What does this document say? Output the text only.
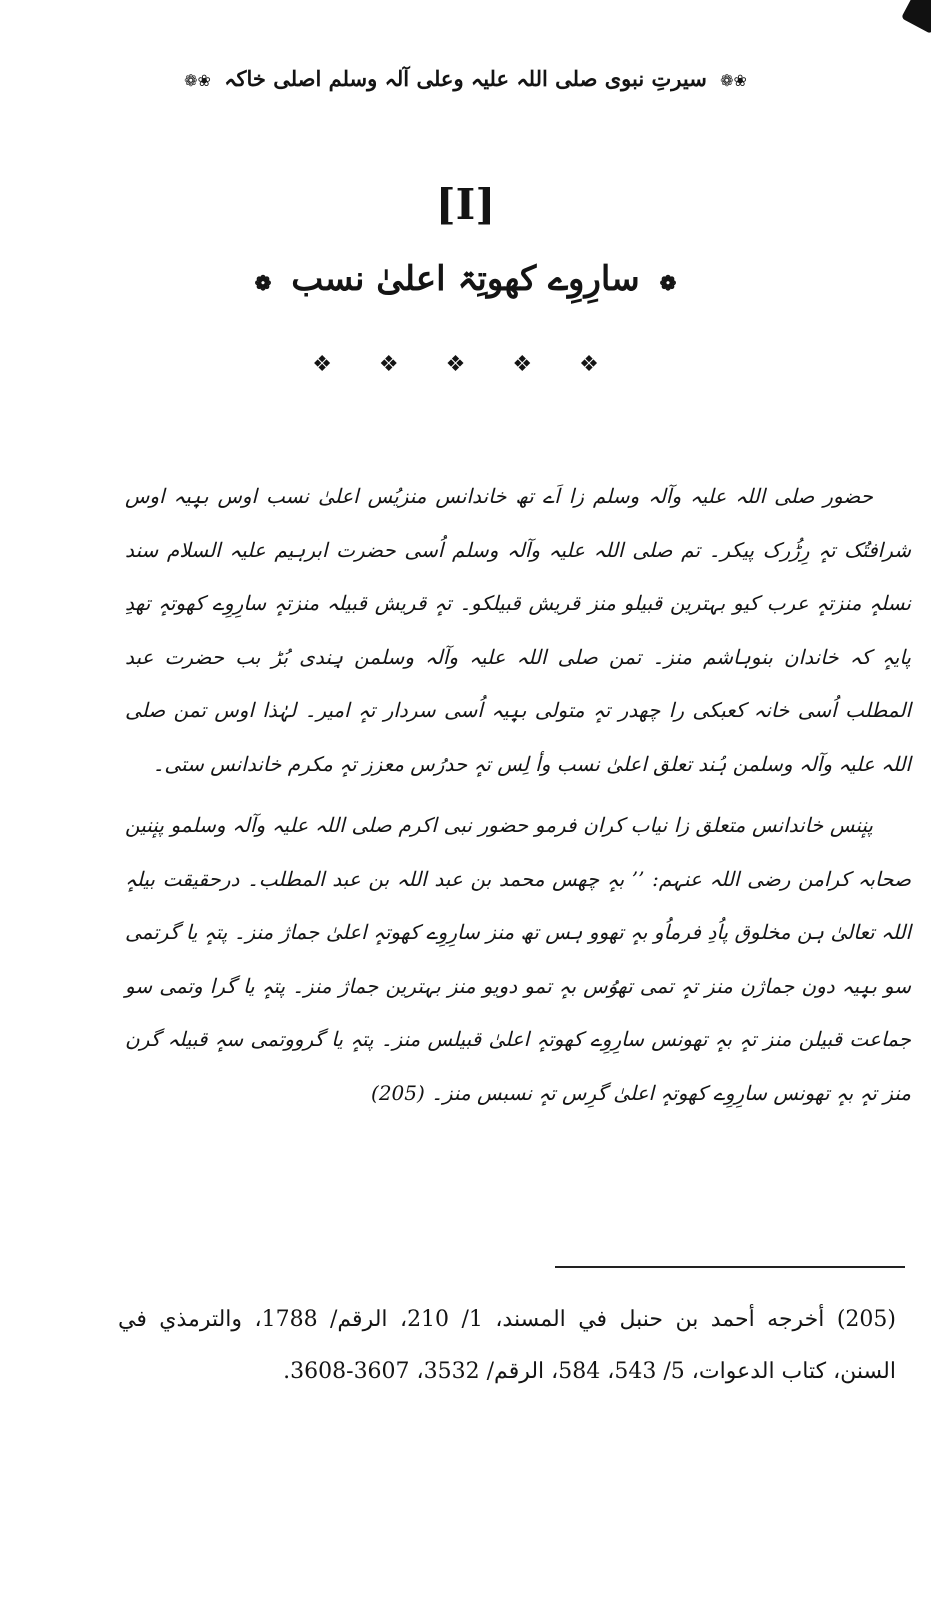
❀❁ سیرتِ نبوی صلی اللہ علیہ وعلی آلہ وسلم اصلی خاکہ ❀❁
[I]
❁ سارِوِے کھوتِۃ اعلیٰ نسب ❁
❖ ❖ ❖ ❖ ❖

حضور صلی اللہ علیہ وآلہ وسلم زا اَے تھ خاندانس منزیُس اعلیٰ نسب اوس بیٖیہ اوس شرافتُک تہٕ رِڑُرک پیکر۔ تم صلی اللہ علیہ وآلہ وسلم اُسی حضرت ابرہیم علیہ السلام سند نسلہٕ منزتہٕ عرب کیو بہترین قبیلو منز قریش قبیلکو۔ تہٕ قریش قبیلہ منزتہٕ سارِوِے کھوتہٕ تھدِ پایہٕ کہ خاندان بنوہاشم منز۔ تمن صلی اللہ علیہ وآلہ وسلمن ہِندی بُڑ بب حضرت عبد المطلب اُسی خانہ کعبکی را چھدر تہٕ متولی بیٖیہ اُسی سردار تہٕ امیر۔ لہٰذا اوس تمن صلی اللہ علیہ وآلہ وسلمن ہُند تعلق اعلیٰ نسب وأ لِس تہٕ حدرُس معزز تہٕ مکرم خاندانس ستی۔

پنٕنس خاندانس متعلق زا نیاب کران فرمو حضور نبی اکرم صلی اللہ علیہ وآلہ وسلمو پنٕنین صحابہ کرامن رضی اللہ عنہم: ’’ بہٕ چھس محمد بن عبد اللہ بن عبد المطلب۔ درحقیقت بیلہٕ اللہ تعالیٰ ہن مخلوق پاُدِ فرماُو بہٕ تھوو ہس تھ منز سارِوِے کھوتہٕ اعلیٰ جماژ منز۔ پتہٕ یا گرتمی سو بیٖیہ دون جماژن منز تہٕ تمی تھوُس بہٕ تمو دویو منز بہترین جماژ منز۔ پتہٕ یا گرا وتمی سو جماعت قبیلن منز تہٕ بہٕ تھونس سارِوِے کھوتہٕ اعلیٰ قبیلس منز۔ پتہٕ یا گرووتمی سہٕ قبیلہ گرن منز تہٕ بہٕ تھونس سارِوِے کھوتہٕ اعلیٰ گرِس تہٕ نسبس منز۔ (205)

(205) أخرجه أحمد بن حنبل في المسند، 1/ 210، الرقم/ 1788، والترمذي في السنن، كتاب الدعوات، 5/ 543، 584، الرقم/ 3532، 3607-3608.
